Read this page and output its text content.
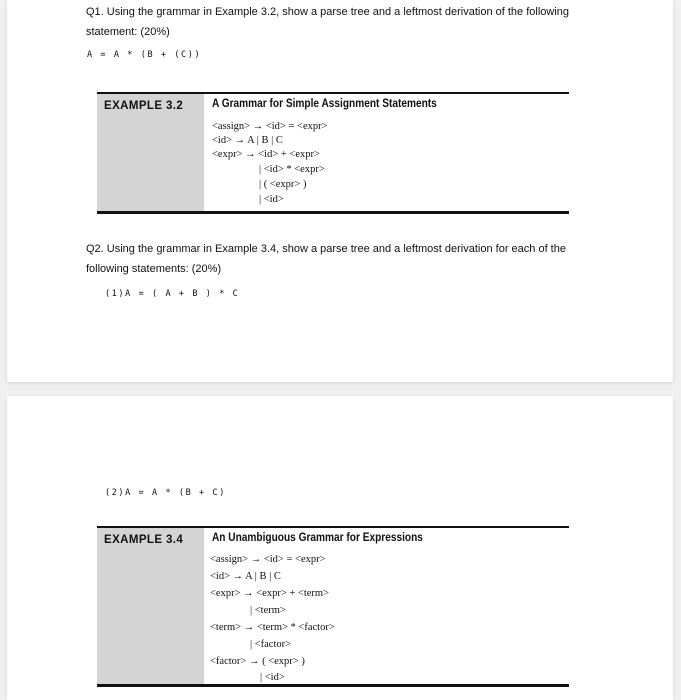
Q1. Using the grammar in Example 3.2, show a parse tree and a leftmost derivation of the following statement: (20%)
A = A * (B + (C))
EXAMPLE 3.2	A Grammar for Simple Assignment Statements
<assign> → <id> = <expr>
<id> → A | B | C
<expr> → <id> + <expr>
| <id> * <expr>
| ( <expr> )
| <id>
Q2. Using the grammar in Example 3.4, show a parse tree and a leftmost derivation for each of the following statements: (20%)
(1)A = ( A + B ) * C
(2)A = A * (B + C)
EXAMPLE 3.4	An Unambiguous Grammar for Expressions
<assign> → <id> = <expr>
<id> → A | B | C
<expr> → <expr> + <term>
| <term>
<term> → <term> * <factor>
| <factor>
<factor> → ( <expr> )
| <id>
